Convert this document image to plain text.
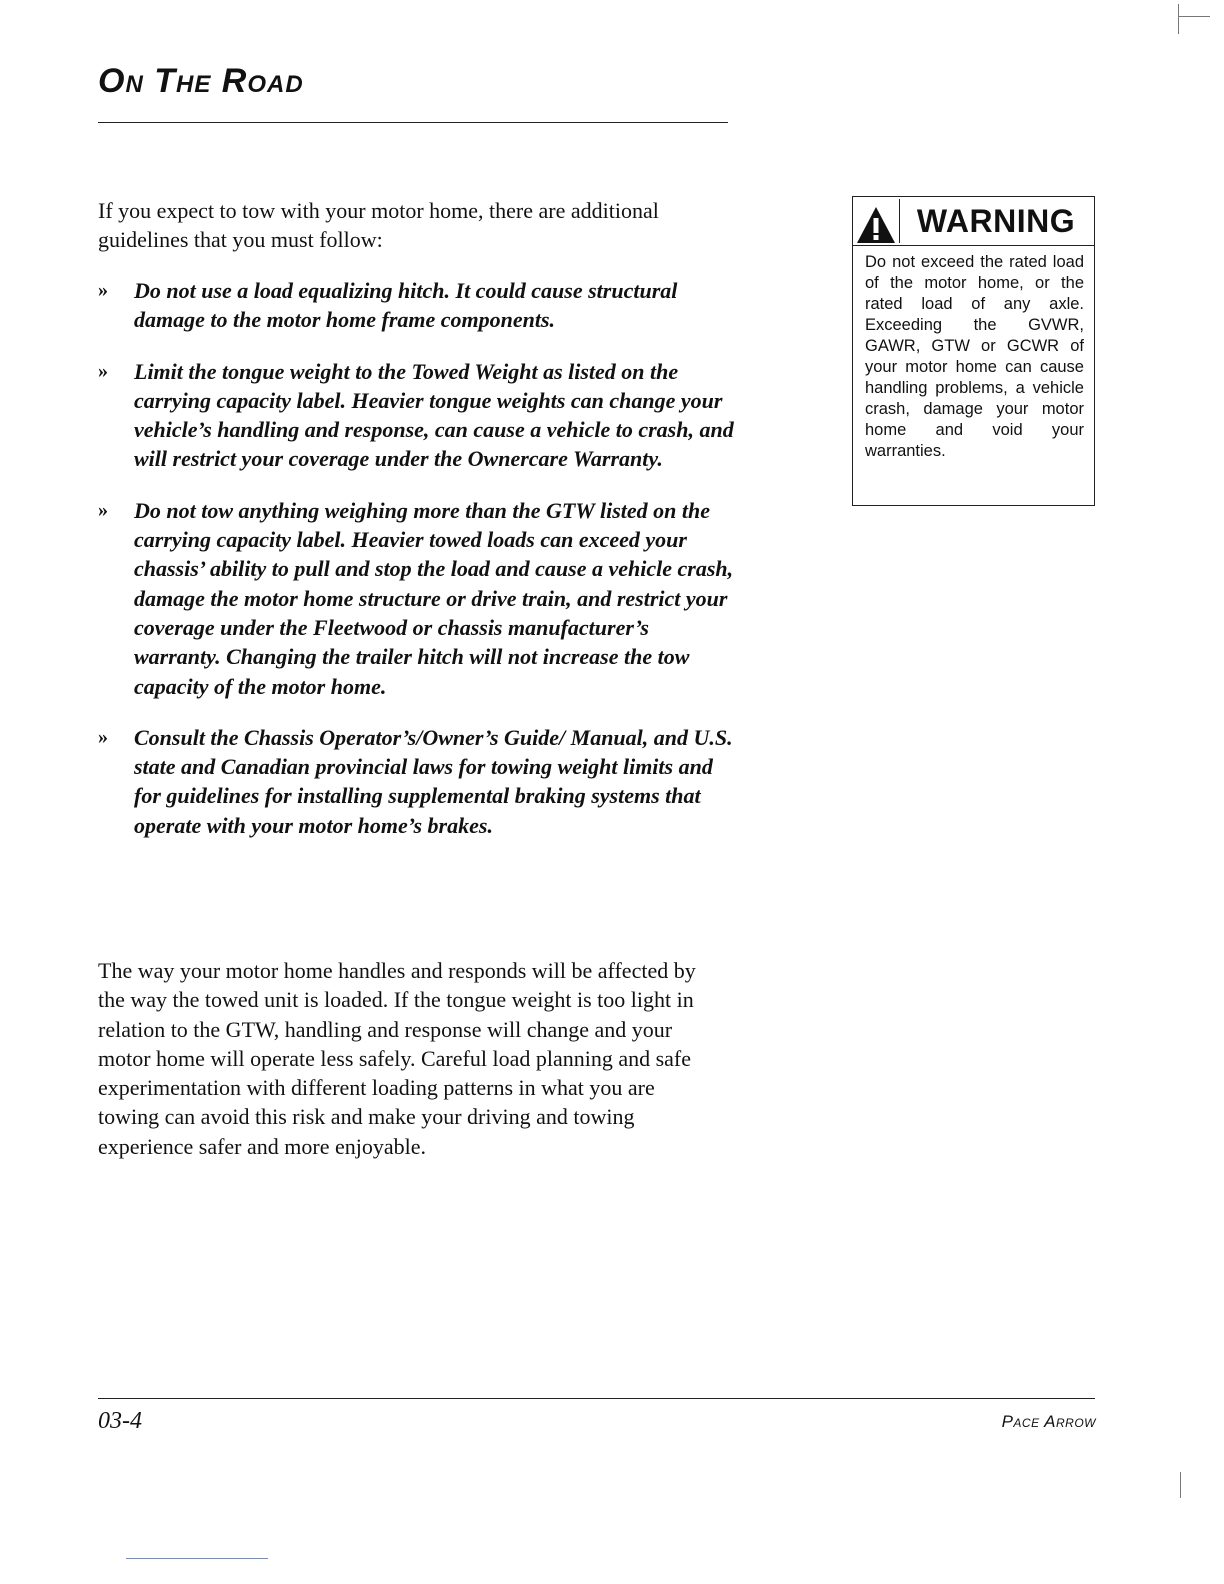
On The Road

If you expect to tow with your motor home, there are additional guidelines that you must follow:

» Do not use a load equalizing hitch. It could cause structural damage to the motor home frame components.
» Limit the tongue weight to the Towed Weight as listed on the carrying capacity label. Heavier tongue weights can change your vehicle’s handling and response, can cause a vehicle to crash, and will restrict your coverage under the Ownercare Warranty.
» Do not tow anything weighing more than the GTW listed on the carrying capacity label. Heavier towed loads can exceed your chassis’ ability to pull and stop the load and cause a vehicle crash, damage the motor home structure or drive train, and restrict your coverage under the Fleetwood or chassis manufacturer’s warranty. Changing the trailer hitch will not increase the tow capacity of the motor home.
» Consult the Chassis Operator’s/Owner’s Guide/ Manual, and U.S. state and Canadian provincial laws for towing weight limits and for guidelines for installing supplemental braking systems that operate with your motor home’s brakes.

The way your motor home handles and responds will be affected by the way the towed unit is loaded. If the tongue weight is too light in relation to the GTW, handling and response will change and your motor home will operate less safely. Careful load planning and safe experimentation with different loading patterns in what you are towing can avoid this risk and make your driving and towing experience safer and more enjoyable.

WARNING
Do not exceed the rated load of the motor home, or the rated load of any axle. Exceeding the GVWR, GAWR, GTW or GCWR of your motor home can cause handling problems, a vehicle crash, damage your motor home and void your warranties.
03-4	Pace Arrow
